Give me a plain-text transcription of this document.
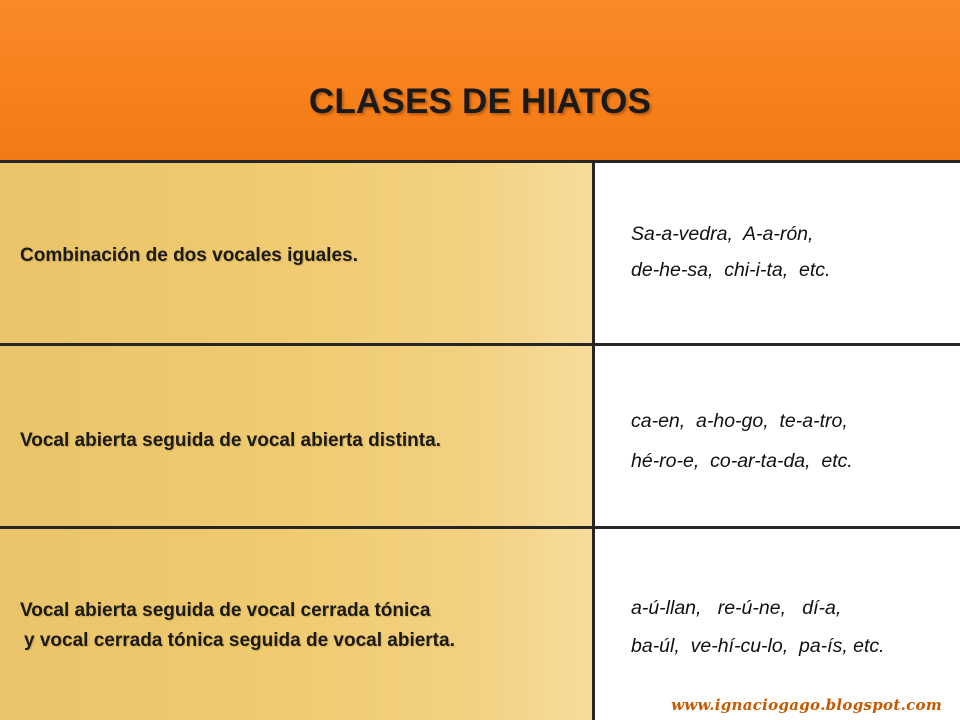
CLASES DE HIATOS
Combinación de dos vocales iguales.
Sa-a-vedra,  A-a-rón,
de-he-sa,  chi-i-ta,  etc.
Vocal abierta seguida de vocal abierta distinta.
ca-en,  a-ho-go,  te-a-tro,
hé-ro-e,  co-ar-ta-da,  etc.
Vocal abierta seguida de vocal cerrada tónica
y vocal cerrada tónica seguida de vocal abierta.
a-ú-llan,   re-ú-ne,   dí-a,
ba-úl,  ve-hí-cu-lo,  pa-ís, etc.
www.ignaciogago.blogspot.com
